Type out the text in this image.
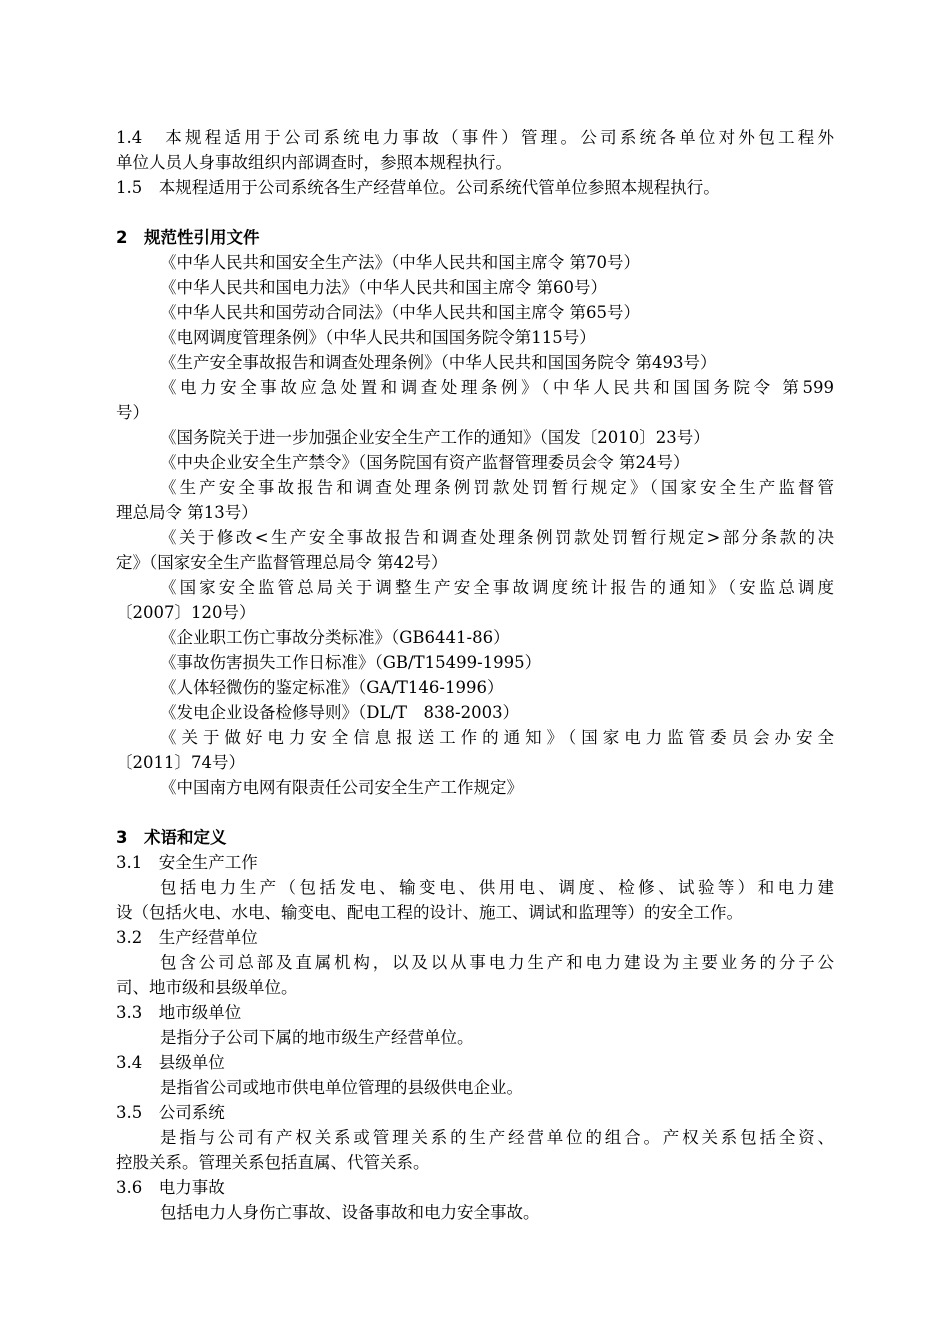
1.4　本规程适用于公司系统电力事故（事件）管理。公司系统各单位对外包工程外

单位人员人身事故组织内部调查时，参照本规程执行。

1.5　本规程适用于公司系统各生产经营单位。公司系统代管单位参照本规程执行。

2　规范性引用文件

《中华人民共和国安全生产法》（中华人民共和国主席令 第70号）

《中华人民共和国电力法》（中华人民共和国主席令 第60号）

《中华人民共和国劳动合同法》（中华人民共和国主席令 第65号）

《电网调度管理条例》（中华人民共和国国务院令第115号）

《生产安全事故报告和调查处理条例》（中华人民共和国国务院令 第493号）

《电力安全事故应急处置和调查处理条例》（中华人民共和国国务院令 第599

号）

《国务院关于进一步加强企业安全生产工作的通知》（国发〔2010〕23号）

《中央企业安全生产禁令》（国务院国有资产监督管理委员会令 第24号）

《生产安全事故报告和调查处理条例罚款处罚暂行规定》（国家安全生产监督管

理总局令 第13号）

《关于修改<生产安全事故报告和调查处理条例罚款处罚暂行规定>部分条款的决

定》（国家安全生产监督管理总局令 第42号）

《国家安全监管总局关于调整生产安全事故调度统计报告的通知》（安监总调度

〔2007〕120号）

《企业职工伤亡事故分类标准》（GB6441-86）

《事故伤害损失工作日标准》（GB/T15499-1995）

《人体轻微伤的鉴定标准》（GA/T146-1996）

《发电企业设备检修导则》（DL/T　838-2003）

《关于做好电力安全信息报送工作的通知》（国家电力监管委员会办安全

〔2011〕74号）

《中国南方电网有限责任公司安全生产工作规定》

3　术语和定义

3.1　安全生产工作

包括电力生产（包括发电、输变电、供用电、调度、检修、试验等）和电力建

设（包括火电、水电、输变电、配电工程的设计、施工、调试和监理等）的安全工作。

3.2　生产经营单位

包含公司总部及直属机构，以及以从事电力生产和电力建设为主要业务的分子公

司、地市级和县级单位。

3.3　地市级单位

是指分子公司下属的地市级生产经营单位。

3.4　县级单位

是指省公司或地市供电单位管理的县级供电企业。

3.5　公司系统

是指与公司有产权关系或管理关系的生产经营单位的组合。产权关系包括全资、

控股关系。管理关系包括直属、代管关系。

3.6　电力事故

包括电力人身伤亡事故、设备事故和电力安全事故。
